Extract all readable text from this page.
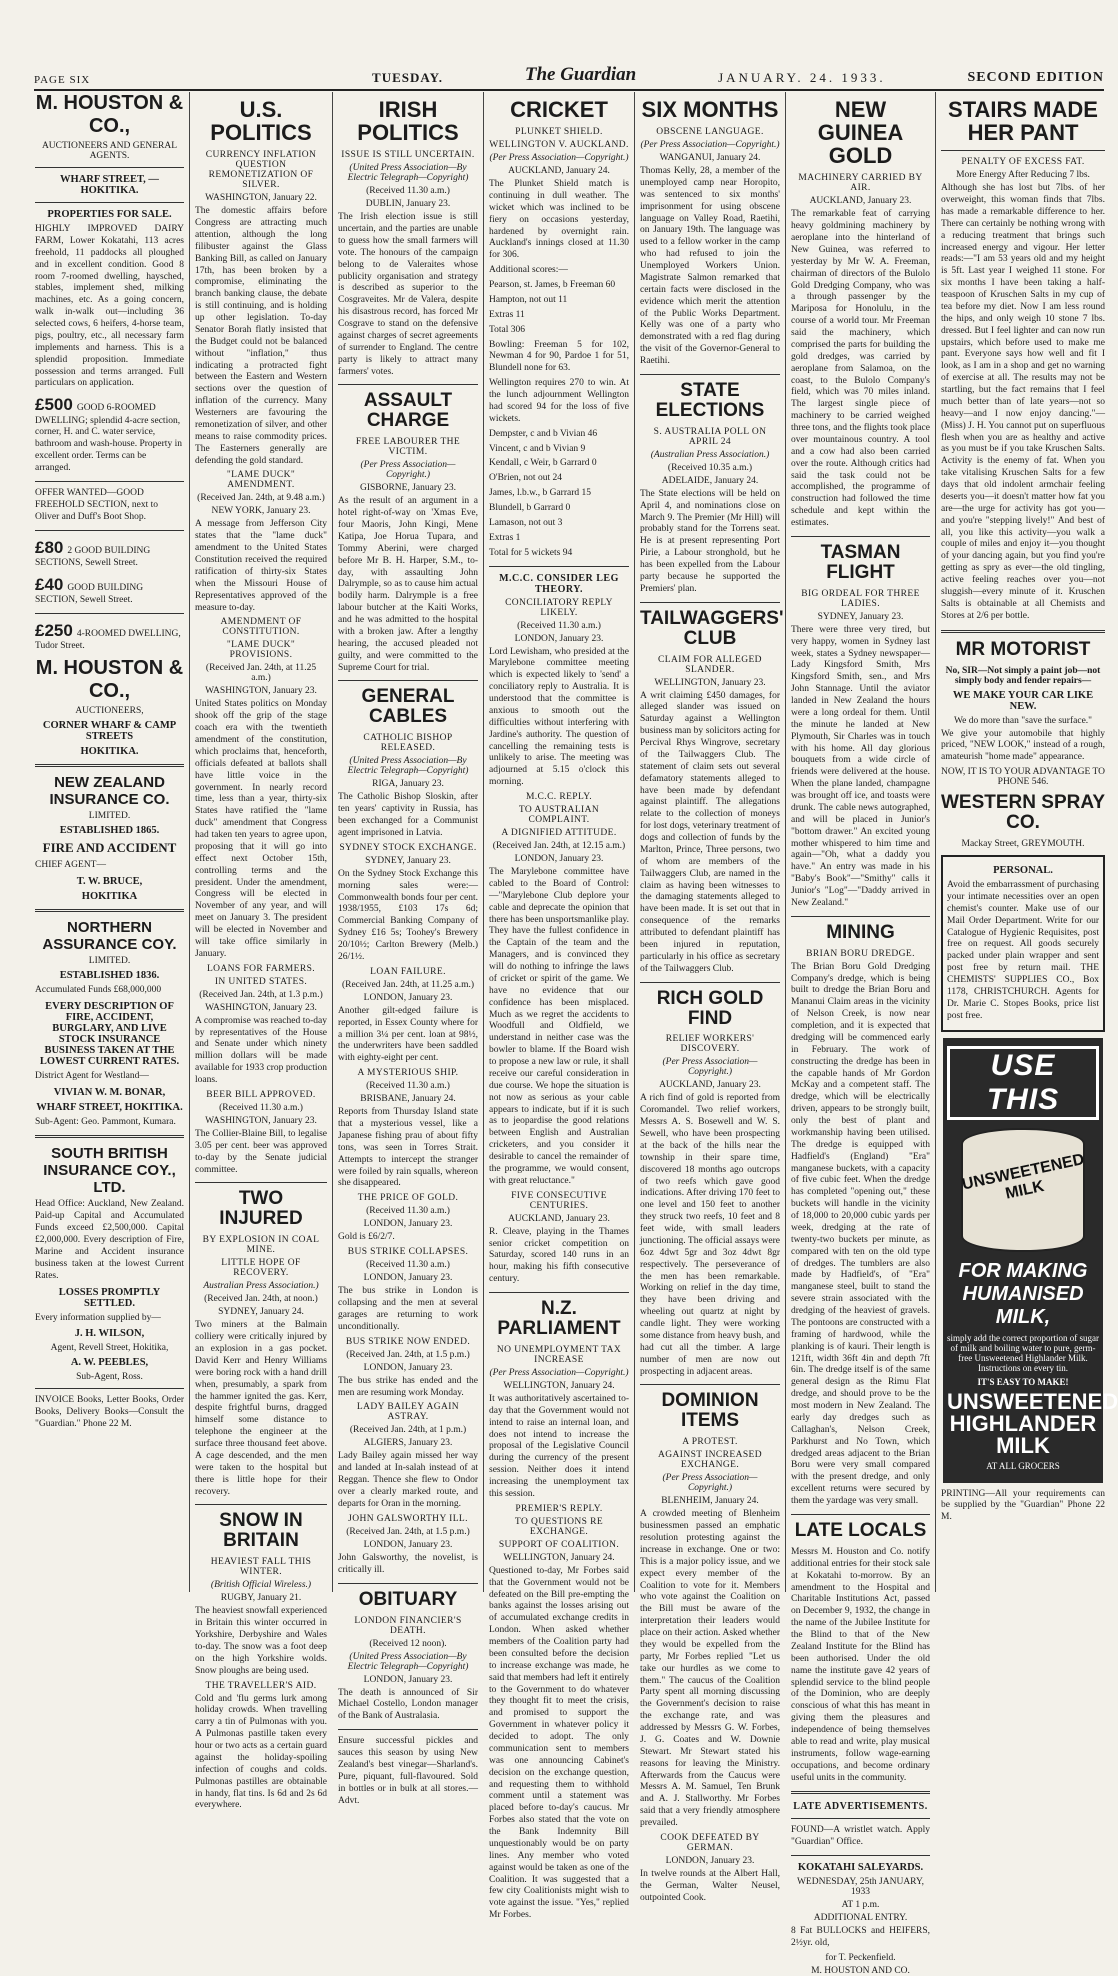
PAGE SIX	TUESDAY.	The Guardian	JANUARY. 24. 1933.	SECOND EDITION
M. HOUSTON & CO.,
AUCTIONEERS AND GENERAL AGENTS.
WHARF STREET, — HOKITIKA.
PROPERTIES FOR SALE.
HIGHLY IMPROVED DAIRY FARM, Lower Kokatahi, 113 acres freehold, 11 paddocks all ploughed and in excellent condition. Good 8 room 7-roomed dwelling, haysched, stables, implement shed, milking machines, etc. As a going concern, walk in-walk out—including 36 selected cows, 6 heifers, 4-horse team, pigs, poultry, etc., all necessary farm implements and harness. This is a splendid proposition. Immediate possession and terms arranged. Full particulars on application.
£500 GOOD 6-ROOMED DWELLING; splendid 4-acre section, corner, H. and C. water service, bathroom and wash-house. Property in excellent order. Terms can be arranged.
OFFER WANTED—GOOD FREEHOLD SECTION, next to Oliver and Duff's Boot Shop.
£80 2 GOOD BUILDING SECTIONS, Sewell Street.
£40 GOOD BUILDING SECTION, Sewell Street.
£250 4-ROOMED DWELLING, Tudor Street.
M. HOUSTON & CO.,
AUCTIONEERS,
CORNER WHARF & CAMP STREETS
HOKITIKA.
NEW ZEALAND INSURANCE CO.
LIMITED.
ESTABLISHED 1865.
FIRE AND ACCIDENT
CHIEF AGENT—
T. W. BRUCE,
HOKITIKA
NORTHERN ASSURANCE COY.
LIMITED.
ESTABLISHED 1836.
Accumulated Funds £68,000,000
EVERY DESCRIPTION OF FIRE, ACCIDENT, BURGLARY, AND LIVE STOCK INSURANCE BUSINESS TAKEN AT THE LOWEST CURRENT RATES.
District Agent for Westland—
VIVIAN W. M. BONAR,
WHARF STREET, HOKITIKA.
Sub-Agent: Geo. Pammont, Kumara.
SOUTH BRITISH INSURANCE COY., LTD.
Head Office: Auckland, New Zealand. Paid-up Capital and Accumulated Funds exceed £2,500,000. Capital £2,000,000. Every description of Fire, Marine and Accident insurance business taken at the lowest Current Rates.
LOSSES PROMPTLY SETTLED.
Every information supplied by—
J. H. WILSON,
Agent, Revell Street, Hokitika,
A. W. PEEBLES,
Sub-Agent, Ross.
INVOICE Books, Letter Books, Order Books, Delivery Books—Consult the "Guardian." Phone 22 M.
U.S. POLITICS
CURRENCY INFLATION QUESTION REMONETIZATION OF SILVER.
WASHINGTON, January 22.
The domestic affairs before Congress are attracting much attention, although the long filibuster against the Glass Banking Bill, as called on January 17th, has been broken by a compromise, eliminating the branch banking clause, the debate is still continuing, and is holding up other legislation. To-day Senator Borah flatly insisted that the Budget could not be balanced without "inflation," thus indicating a protracted fight between the Eastern and Western sections over the question of inflation of the currency. Many Westerners are favouring the remonetization of silver, and other means to raise commodity prices. The Easterners generally are defending the gold standard.
"LAME DUCK" AMENDMENT.
(Received Jan. 24th, at 9.48 a.m.)
NEW YORK, January 23.
A message from Jefferson City states that the "lame duck" amendment to the United States Constitution received the required ratification of thirty-six States when the Missouri House of Representatives approved of the measure to-day.
AMENDMENT OF CONSTITUTION.
"LAME DUCK" PROVISIONS.
(Received Jan. 24th, at 11.25 a.m.)
WASHINGTON, January 23.
United States politics on Monday shook off the grip of the stage coach era with the twentieth amendment of the constitution, which proclaims that, henceforth, officials defeated at ballots shall have little voice in the government. In nearly record time, less than a year, thirty-six States have ratified the "lame duck" amendment that Congress had taken ten years to agree upon, proposing that it will go into effect next October 15th, controlling terms and the president. Under the amendment, Congress will be elected in November of any year, and will meet on January 3. The president will be elected in November and will take office similarly in January.
LOANS FOR FARMERS.
IN UNITED STATES.
(Received Jan. 24th, at 1.3 p.m.)
WASHINGTON, January 23.
A compromise was reached to-day by representatives of the House and Senate under which ninety million dollars will be made available for 1933 crop production loans.
BEER BILL APPROVED.
(Received 11.30 a.m.)
WASHINGTON, January 23.
The Collier-Blaine Bill, to legalise 3.05 per cent. beer was approved to-day by the Senate judicial committee.
TWO INJURED
BY EXPLOSION IN COAL MINE.
LITTLE HOPE OF RECOVERY.
Australian Press Association.)
(Received Jan. 24th, at noon.)
SYDNEY, January 24.
Two miners at the Balmain colliery were critically injured by an explosion in a gas pocket. David Kerr and Henry Williams were boring rock with a hand drill when, presumably, a spark from the hammer ignited the gas. Kerr, despite frightful burns, dragged himself some distance to telephone the engineer at the surface three thousand feet above. A cage descended, and the men were taken to the hospital but there is little hope for their recovery.
SNOW IN BRITAIN
HEAVIEST FALL THIS WINTER.
(British Official Wireless.)
RUGBY, January 21.
The heaviest snowfall experienced in Britain this winter occurred in Yorkshire, Derbyshire and Wales to-day. The snow was a foot deep on the high Yorkshire wolds. Snow ploughs are being used.
THE TRAVELLER'S AID.
Cold and 'flu germs lurk among holiday crowds. When travelling carry a tin of Pulmonas with you. A Pulmonas pastille taken every hour or two acts as a certain guard against the holiday-spoiling infection of coughs and colds. Pulmonas pastilles are obtainable in handy, flat tins. Is 6d and 2s 6d everywhere.
IRISH POLITICS
ISSUE IS STILL UNCERTAIN.
(United Press Association—By Electric Telegraph—Copyright)
(Received 11.30 a.m.)
DUBLIN, January 23.
The Irish election issue is still uncertain, and the parties are unable to guess how the small farmers will vote. The honours of the campaign belong to de Valeraites whose publicity organisation and strategy is described as superior to the Cosgraveites. Mr de Valera, despite his disastrous record, has forced Mr Cosgrave to stand on the defensive against charges of secret agreements of surrender to England. The centre party is likely to attract many farmers' votes.
ASSAULT CHARGE
FREE LABOURER THE VICTIM.
(Per Press Association— Copyright.)
GISBORNE, January 23.
As the result of an argument in a hotel right-of-way on 'Xmas Eve, four Maoris, John Kingi, Mene Katipa, Joe Horua Tupara, and Tommy Aberini, were charged before Mr B. H. Harper, S.M., to-day, with assaulting John Dalrymple, so as to cause him actual bodily harm. Dalrymple is a free labour butcher at the Kaiti Works, and he was admitted to the hospital with a broken jaw. After a lengthy hearing, the accused pleaded not guilty, and were committed to the Supreme Court for trial.
GENERAL CABLES
CATHOLIC BISHOP RELEASED.
(United Press Association—By Electric Telegraph—Copyright)
RIGA, January 23.
The Catholic Bishop Sloskin, after ten years' captivity in Russia, has been exchanged for a Communist agent imprisoned in Latvia.
SYDNEY STOCK EXCHANGE.
SYDNEY, January 23.
On the Sydney Stock Exchange this morning sales were:—Commonwealth bonds four per cent. 1938/1955, £103 17s 6d; Commercial Banking Company of Sydney £16 5s; Toohey's Brewery 20/10½; Carlton Brewery (Melb.) 26/1½.
LOAN FAILURE.
(Received Jan. 24th, at 11.25 a.m.)
LONDON, January 23.
Another gilt-edged failure is reported, in Essex County where for a million 3¼ per cent. loan at 98½, the underwriters have been saddled with eighty-eight per cent.
A MYSTERIOUS SHIP.
(Received 11.30 a.m.)
BRISBANE, January 24.
Reports from Thursday Island state that a mysterious vessel, like a Japanese fishing prau of about fifty tons, was seen in Torres Strait. Attempts to intercept the stranger were foiled by rain squalls, whereon she disappeared.
THE PRICE OF GOLD.
(Received 11.30 a.m.)
LONDON, January 23.
Gold is £6/2/7.
BUS STRIKE COLLAPSES.
(Received 11.30 a.m.)
LONDON, January 23.
The bus strike in London is collapsing and the men at several garages are returning to work unconditionally.
BUS STRIKE NOW ENDED.
(Received Jan. 24th, at 1.5 p.m.)
LONDON, January 23.
The bus strike has ended and the men are resuming work Monday.
LADY BAILEY AGAIN ASTRAY.
(Received Jan. 24th, at 1 p.m.)
ALGIERS, January 23.
Lady Bailey again missed her way and landed at In-salah instead of at Reggan. Thence she flew to Ondor over a clearly marked route, and departs for Oran in the morning.
JOHN GALSWORTHY ILL.
(Received Jan. 24th, at 1.5 p.m.)
LONDON, January 23.
John Galsworthy, the novelist, is critically ill.
OBITUARY
LONDON FINANCIER'S DEATH.
(Received 12 noon).
(United Press Association—By Electric Telegraph—Copyright)
LONDON, January 23.
The death is announced of Sir Michael Costello, London manager of the Bank of Australasia.
Ensure successful pickles and sauces this season by using New Zealand's best vinegar—Sharland's. Pure, piquant, full-flavoured. Sold in bottles or in bulk at all stores.—Advt.
CRICKET
PLUNKET SHIELD.
WELLINGTON V. AUCKLAND.
(Per Press Association—Copyright.)
AUCKLAND, January 24.
The Plunket Shield match is continuing in dull weather. The wicket which was inclined to be fiery on occasions yesterday, hardened by overnight rain. Auckland's innings closed at 11.30 for 306.
Additional scores:—
Pearson, st. James, b Freeman 60
Hampton, not out 11
Extras 11
Total 306
Bowling: Freeman 5 for 102, Newman 4 for 90, Pardoe 1 for 51, Blundell none for 63.
Wellington requires 270 to win. At the lunch adjournment Wellington had scored 94 for the loss of five wickets.
Dempster, c and b Vivian 46
Vincent, c and b Vivian 9
Kendall, c Weir, b Garrard 0
O'Brien, not out 24
James, l.b.w., b Garrard 15
Blundell, b Garrard 0
Lamason, not out 3
Extras 1
Total for 5 wickets 94
M.C.C. CONSIDER LEG THEORY.
CONCILIATORY REPLY LIKELY.
(Received 11.30 a.m.)
LONDON, January 23.
Lord Lewisham, who presided at the Marylebone committee meeting which is expected likely to 'send' a conciliatory reply to Australia. It is understood that the committee is anxious to smooth out the difficulties without interfering with Jardine's authority. The question of cancelling the remaining tests is unlikely to arise. The meeting was adjourned at 5.15 o'clock this morning.
M.C.C. REPLY.
TO AUSTRALIAN COMPLAINT.
A DIGNIFIED ATTITUDE.
(Received Jan. 24th, at 12.15 a.m.)
LONDON, January 23.
The Marylebone committee have cabled to the Board of Control:—"Marylebone Club deplore your cable and deprecate the opinion that there has been unsportsmanlike play. They have the fullest confidence in the Captain of the team and the Managers, and is convinced they will do nothing to infringe the laws of cricket or spirit of the game. We have no evidence that our confidence has been misplaced. Much as we regret the accidents to Woodfull and Oldfield, we understand in neither case was the bowler to blame. If the Board wish to propose a new law or rule, it shall receive our careful consideration in due course. We hope the situation is not now as serious as your cable appears to indicate, but if it is such as to jeopardise the good relations between English and Australian cricketers, and you consider it desirable to cancel the remainder of the programme, we would consent, with great reluctance."
FIVE CONSECUTIVE CENTURIES.
AUCKLAND, January 23.
R. Cleave, playing in the Thames senior cricket competition on Saturday, scored 140 runs in an hour, making his fifth consecutive century.
N.Z. PARLIAMENT
NO UNEMPLOYMENT TAX INCREASE
(Per Press Association—Copyright.)
WELLINGTON, January 24.
It was authoritatively ascertained to-day that the Government would not intend to raise an internal loan, and does not intend to increase the proposal of the Legislative Council during the currency of the present session. Neither does it intend increasing the unemployment tax this session.
PREMIER'S REPLY.
TO QUESTIONS RE EXCHANGE.
SUPPORT OF COALITION.
WELLINGTON, January 24.
Questioned to-day, Mr Forbes said that the Government would not be defeated on the Bill pre-empting the banks against the losses arising out of accumulated exchange credits in London. When asked whether members of the Coalition party had been consulted before the decision to increase exchange was made, he said that members had left it entirely to the Government to do whatever they thought fit to meet the crisis, and promised to support the Government in whatever policy it decided to adopt. The only communication sent to members was one announcing Cabinet's decision on the exchange question, and requesting them to withhold comment until a statement was placed before to-day's caucus. Mr Forbes also stated that the vote on the Bank Indemnity Bill unquestionably would be on party lines. Any member who voted against would be taken as one of the Coalition. It was suggested that a few city Coalitionists might wish to vote against the issue. "Yes," replied Mr Forbes.
SIX MONTHS
OBSCENE LANGUAGE.
(Per Press Association—Copyright.)
WANGANUI, January 24.
Thomas Kelly, 28, a member of the unemployed camp near Horopito, was sentenced to six months' imprisonment for using obscene language on Valley Road, Raetihi, on January 19th. The language was used to a fellow worker in the camp who had refused to join the Unemployed Workers Union. Magistrate Salmon remarked that certain facts were disclosed in the evidence which merit the attention of the Public Works Department. Kelly was one of a party who demonstrated with a red flag during the visit of the Governor-General to Raetihi.
STATE ELECTIONS
S. AUSTRALIA POLL ON APRIL 24
(Australian Press Association.)
(Received 10.35 a.m.)
ADELAIDE, January 24.
The State elections will be held on April 4, and nominations close on March 9. The Premier (Mr Hill) will probably stand for the Torrens seat. He is at present representing Port Pirie, a Labour stronghold, but he has been expelled from the Labour party because he supported the Premiers' plan.
TAILWAGGERS' CLUB
CLAIM FOR ALLEGED SLANDER.
WELLINGTON, January 23.
A writ claiming £450 damages, for alleged slander was issued on Saturday against a Wellington business man by solicitors acting for Percival Rhys Wingrove, secretary of the Tailwaggers Club. The statement of claim sets out several defamatory statements alleged to have been made by defendant against plaintiff. The allegations relate to the collection of moneys for lost dogs, veterinary treatment of dogs and collection of funds by the Marlton, Prince, Three persons, two of whom are members of the Tailwaggers Club, are named in the claim as having been witnesses to the damaging statements alleged to have been made. It is set out that in consequence of the remarks attributed to defendant plaintiff has been injured in reputation, particularly in his office as secretary of the Tailwaggers Club.
RICH GOLD FIND
RELIEF WORKERS' DISCOVERY.
(Per Press Association— Copyright.)
AUCKLAND, January 23.
A rich find of gold is reported from Coromandel. Two relief workers, Messrs A. S. Bosewell and W. S. Sewell, who have been prospecting at the back of the hills near the township in their spare time, discovered 18 months ago outcrops of two reefs which gave good indications. After driving 170 feet to one level and 150 feet to another they struck two reefs, 10 feet and 8 feet wide, with small leaders junctioning. The official assays were 6oz 4dwt 5gr and 3oz 4dwt 8gr respectively. The perseverance of the men has been remarkable. Working on relief in the day time, they have been driving and wheeling out quartz at night by candle light. They were working some distance from heavy bush, and had cut all the timber. A large number of men are now out prospecting in adjacent areas.
DOMINION ITEMS
A PROTEST.
AGAINST INCREASED EXCHANGE.
(Per Press Association— Copyright.)
BLENHEIM, January 24.
A crowded meeting of Blenheim businessmen passed an emphatic resolution protesting against the increase in exchange. One or two: This is a major policy issue, and we expect every member of the Coalition to vote for it. Members who vote against the Coalition on the Bill must be aware of the interpretation their leaders would place on their action. Asked whether they would be expelled from the party, Mr Forbes replied "Let us take our hurdles as we come to them." The caucus of the Coalition Party spent all morning discussing the Government's decision to raise the exchange rate, and was addressed by Messrs G. W. Forbes, J. G. Coates and W. Downie Stewart. Mr Stewart stated his reasons for leaving the Ministry. Afterwards from the Caucus were Messrs A. M. Samuel, Ten Brunk and A. J. Stallworthy. Mr Forbes said that a very friendly atmosphere prevailed.
COOK DEFEATED BY GERMAN.
LONDON, January 23.
In twelve rounds at the Albert Hall, the German, Walter Neusel, outpointed Cook.
NEW GUINEA GOLD
MACHINERY CARRIED BY AIR.
AUCKLAND, January 23.
The remarkable feat of carrying heavy goldmining machinery by aeroplane into the hinterland of New Guinea, was referred to yesterday by Mr W. A. Freeman, chairman of directors of the Bulolo Gold Dredging Company, who was a through passenger by the Mariposa for Honolulu, in the course of a world tour. Mr Freeman said the machinery, which comprised the parts for building the gold dredges, was carried by aeroplane from Salamoa, on the coast, to the Bulolo Company's field, which was 70 miles inland. The largest single piece of machinery to be carried weighed three tons, and the flights took place over mountainous country. A tool and a cow had also been carried over the route. Although critics had said the task could not be accomplished, the programme of construction had followed the time schedule and kept within the estimates.
TASMAN FLIGHT
BIG ORDEAL FOR THREE LADIES.
SYDNEY, January 23.
There were three very tired, but very happy, women in Sydney last week, states a Sydney newspaper—Lady Kingsford Smith, Mrs Kingsford Smith, sen., and Mrs John Stannage. Until the aviator landed in New Zealand the hours were a long ordeal for them. Until the minute he landed at New Plymouth, Sir Charles was in touch with his home. All day glorious bouquets from a wide circle of friends were delivered at the house. When the plane landed, champagne was brought off ice, and toasts were drunk. The cable news autographed, and will be placed in Junior's "bottom drawer." An excited young mother whispered to him time and again—"Oh, what a daddy you have." An entry was made in his "Baby's Book"—"Smithy" calls it Junior's "Log"—"Daddy arrived in New Zealand."
MINING
BRIAN BORU DREDGE.
The Brian Boru Gold Dredging Company's dredge, which is being built to dredge the Brian Boru and Mananui Claim areas in the vicinity of Nelson Creek, is now near completion, and it is expected that dredging will be commenced early in February. The work of constructing the dredge has been in the capable hands of Mr Gordon McKay and a competent staff. The dredge, which will be electrically driven, appears to be strongly built, only the best of plant and workmanship having been utilised. The dredge is equipped with Hadfield's (England) "Era" manganese buckets, with a capacity of five cubic feet. When the dredge has completed "opening out," these buckets will handle in the vicinity of 18,000 to 20,000 cubic yards per week, dredging at the rate of twenty-two buckets per minute, as compared with ten on the old type of dredges. The tumblers are also made by Hadfield's, of "Era" manganese steel, built to stand the severe strain associated with the dredging of the heaviest of gravels. The pontoons are constructed with a framing of hardwood, while the planking is of kauri. Their length is 121ft, width 36ft 4in and depth 7ft 6in. The dredge itself is of the same general design as the Rimu Flat dredge, and should prove to be the most modern in New Zealand. The early day dredges such as Callaghan's, Nelson Creek, Parkhurst and No Town, which dredged areas adjacent to the Brian Boru were very small compared with the present dredge, and only excellent returns were secured by them the yardage was very small.
LATE LOCALS
Messrs M. Houston and Co. notify additional entries for their stock sale at Kokatahi to-morrow. By an amendment to the Hospital and Charitable Institutions Act, passed on December 9, 1932, the change in the name of the Jubilee Institute for the Blind to that of the New Zealand Institute for the Blind has been authorised. Under the old name the institute gave 42 years of splendid service to the blind people of the Dominion, who are deeply conscious of what this has meant in giving them the pleasures and independence of being themselves able to read and write, play musical instruments, follow wage-earning occupations, and become ordinary useful units in the community.
LATE ADVERTISEMENTS.
FOUND—A wristlet watch. Apply "Guardian" Office.
KOKATAHI SALEYARDS.
WEDNESDAY, 25th JANUARY, 1933
AT 1 p.m.
ADDITIONAL ENTRY.
8 Fat BULLOCKS and HEIFERS, 2½yr. old,
for T. Peckenfield.
M. HOUSTON AND CO.
STAIRS MADE HER PANT
PENALTY OF EXCESS FAT.
More Energy After Reducing 7 lbs.
Although she has lost but 7lbs. of her overweight, this woman finds that 7lbs. has made a remarkable difference to her. There can certainly be nothing wrong with a reducing treatment that brings such increased energy and vigour. Her letter reads:—"I am 53 years old and my height is 5ft. Last year I weighed 11 stone. For six months I have been taking a half-teaspoon of Kruschen Salts in my cup of tea before my diet. Now I am less round the hips, and only weigh 10 stone 7 lbs. dressed. But I feel lighter and can now run upstairs, which before used to make me pant. Everyone says how well and fit I look, as I am in a shop and get no warning of exercise at all. The results may not be startling, but the fact remains that I feel much better than of late years—not so heavy—and I now enjoy dancing."—(Miss) J. H. You cannot put on superfluous flesh when you are as healthy and active as you must be if you take Kruschen Salts. Activity is the enemy of fat. When you take vitalising Kruschen Salts for a few days that old indolent armchair feeling deserts you—it doesn't matter how fat you are—the urge for activity has got you—and you're "stepping lively!" And best of all, you like this activity—you walk a couple of miles and enjoy it—you thought of your dancing again, but you find you're getting as spry as ever—the old tingling, active feeling reaches over you—not sluggish—every minute of it. Kruschen Salts is obtainable at all Chemists and Stores at 2/6 per bottle.
MR MOTORIST
No, SIR—Not simply a paint job—not simply body and fender repairs—
WE MAKE YOUR CAR LIKE NEW.
We do more than "save the surface."
We give your automobile that highly priced, "NEW LOOK," instead of a rough, amateurish "home made" appearance.
NOW, IT IS TO YOUR ADVANTAGE TO PHONE 546.
WESTERN SPRAY CO.
Mackay Street, GREYMOUTH.
PERSONAL.
Avoid the embarrassment of purchasing your intimate necessities over an open chemist's counter. Make use of our Mail Order Department. Write for our Catalogue of Hygienic Requisites, post free on request. All goods securely packed under plain wrapper and sent post free by return mail. THE CHEMISTS' SUPPLIES CO., Box 1178, CHRISTCHURCH. Agents for Dr. Marie C. Stopes Books, price list post free.
USE THIS
UNSWEETENED MILK
FOR MAKING HUMANISED MILK,
simply add the correct proportion of sugar of milk and boiling water to pure, germ-free Unsweetened Highlander Milk. Instructions on every tin.
IT'S EASY TO MAKE!
UNSWEETENED HIGHLANDER MILK
AT ALL GROCERS
PRINTING—All your requirements can be supplied by the "Guardian" Phone 22 M.
